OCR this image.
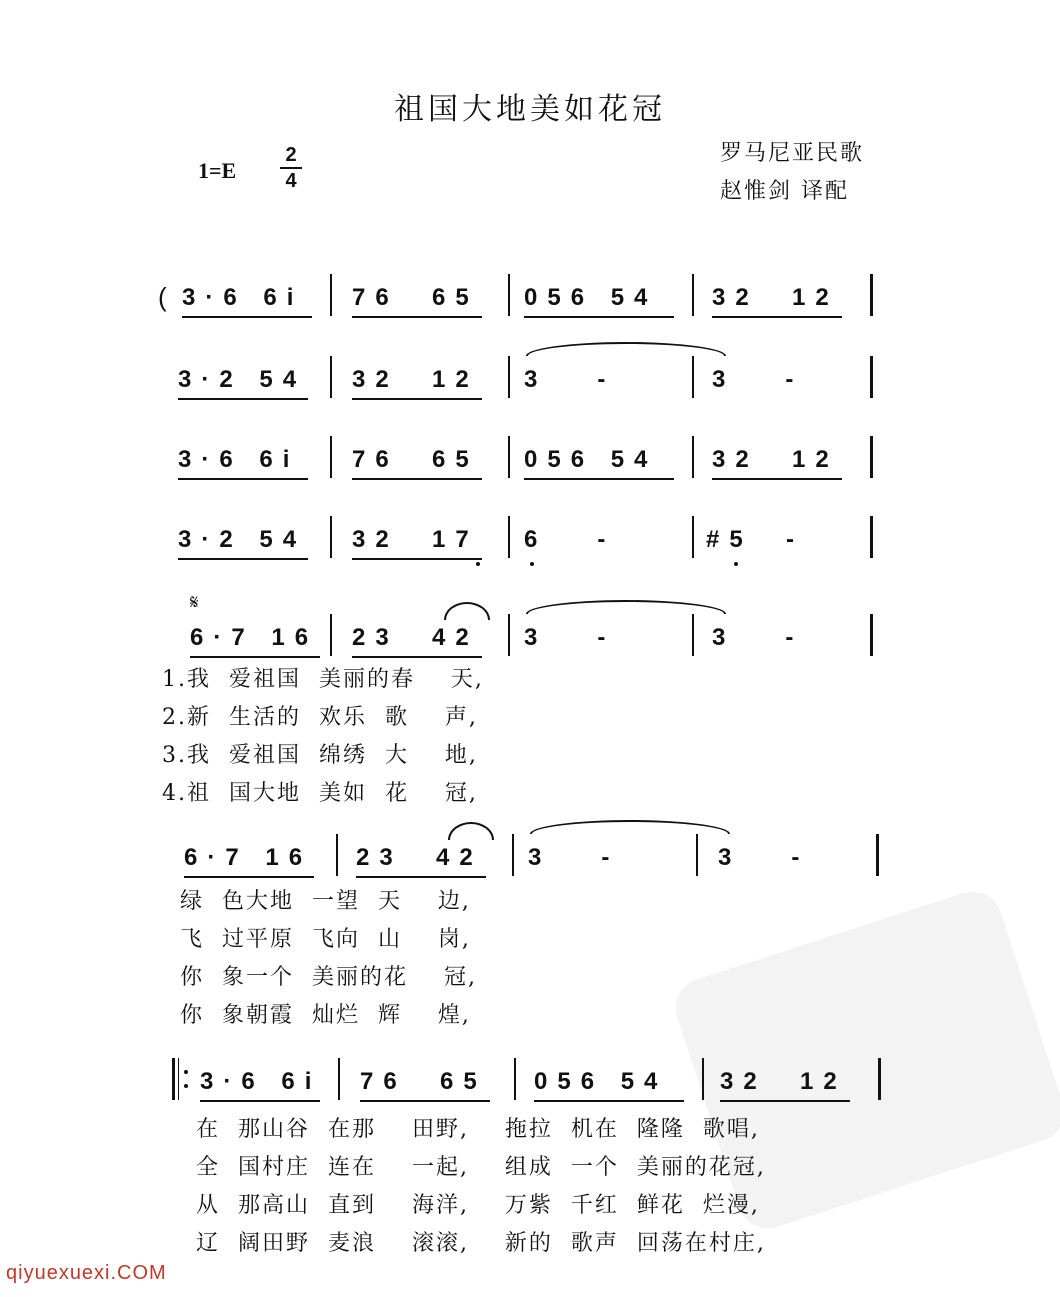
祖国大地美如花冠
1=E
2
4
罗马尼亚民歌
赵惟剑 译配
( 3·6 6i 76  65 056 54 32  12
3·2 54 32  12 3   -	3   -
3·6 6i 76  65 056 54 32  12
3·2 54 32  17 6   -	#5  -
𝄋
6·7 16 23  42 3   -	3   -
1.我  爱祖国  美丽的春    天,
2.新  生活的  欢乐  歌    声,
3.我  爱祖国  绵绣  大    地,
4.祖  国大地  美如  花    冠,
6·7 16 23  42 3   -	3   -
绿  色大地  一望  天    边,
飞  过平原  飞向  山    岗,
你  象一个  美丽的花    冠,
你  象朝霞  灿烂  辉    煌,
PDG
3·6 6i 76  65 056 54 32  12
在  那山谷  在那    田野,    拖拉  机在  隆隆  歌唱,
全  国村庄  连在    一起,    组成  一个  美丽的花冠,
从  那高山  直到    海洋,    万紫  千红  鲜花  烂漫,
辽  阔田野  麦浪    滚滚,    新的  歌声  回荡在村庄,
qiyuexuexi.COM
